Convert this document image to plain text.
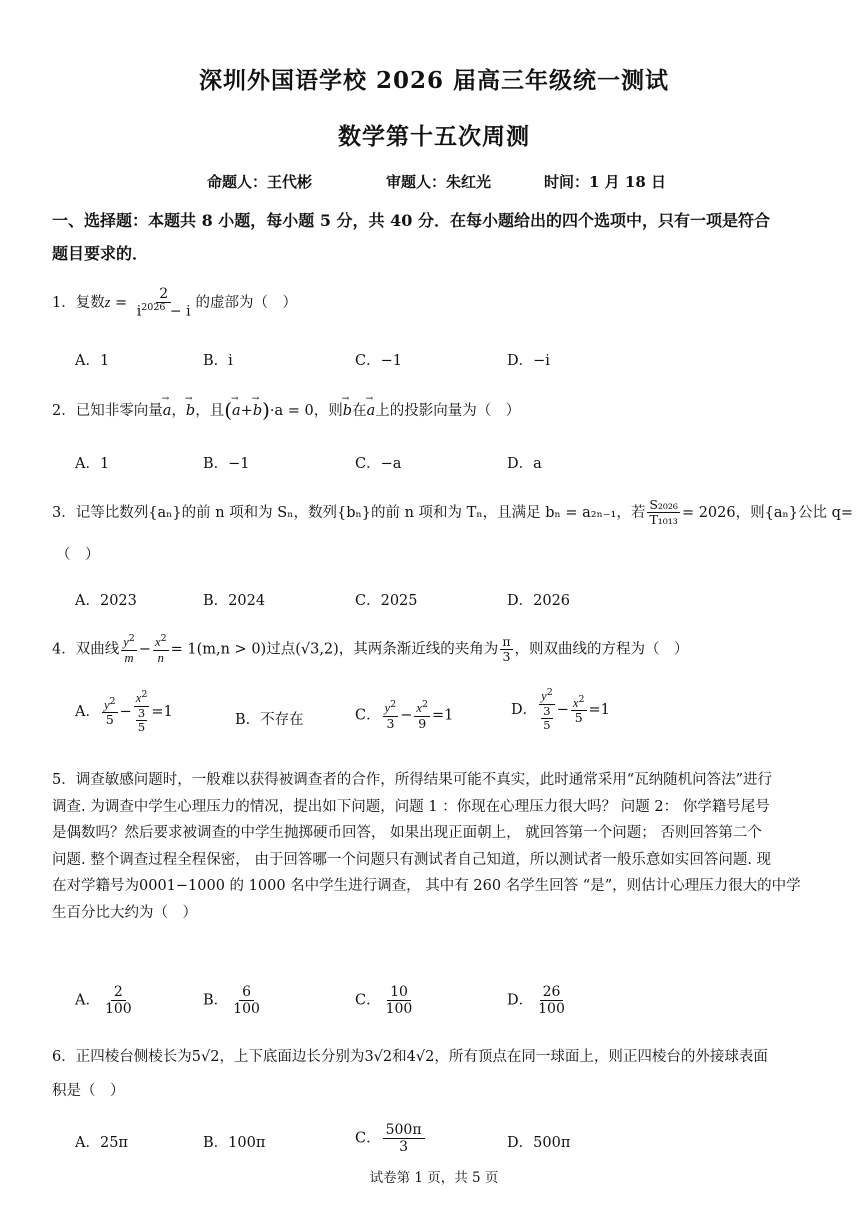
深圳外国语学校 2026 届高三年级统一测试
数学第十五次周测
命题人：王代彬	审题人：朱红光	时间：1 月 18 日
一、选择题：本题共 8 小题，每小题 5 分，共 40 分．在每小题给出的四个选项中，只有一项是符合
题目要求的．
1．复数$z = \frac{2}{i^{2026} - i}$ 的虚部为（　）
A．1	B．i	C．−1	D．−i
2．已知非零向量→ a，→ b，且(→ a+→ b)·a = 0，则→ b在→ a上的投影向量为（　）
A．1	B．−1	C．−a	D．a
3．记等比数列{aₙ}的前 n 项和为 Sₙ，数列{bₙ}的前 n 项和为 Tₙ，且满足 bₙ = a₂ₙ₋₁，若 $\frac{\text{S₂₀₂₆}}{\text{T₁₀₁₃}} = 2026$，则{aₙ}公比 q=
（　）
A．2023	B．2024	C．2025	D．2026
4．双曲线 $\frac{y^2}{m} - \frac{x^2}{n} = 1(m,n > 0)$过点(√3,2)，其两条渐近线的夹角为 $\frac{\pi}{3}$ ，则双曲线的方程为（　）
A． $\frac{y^2}{5} - \frac{x^2}{\frac{3}{5}} =1$
B．不存在	C． $\frac{y^2}{3} - \frac{x^2}{9} =1$	D． $\frac{y^2}{\frac{3}{5}} - \frac{x^2}{5} =1$
5．调查敏感问题时，一般难以获得被调查者的合作，所得结果可能不真实，此时通常采用“瓦纳随机问答法”进行
调查. 为调查中学生心理压力的情况，提出如下问题，问题 1 ：你现在心理压力很大吗？ 问题 2： 你学籍号尾号
是偶数吗？然后要求被调查的中学生抛掷硬币回答， 如果出现正面朝上， 就回答第一个问题； 否则回答第二个
问题. 整个调查过程全程保密， 由于回答哪一个问题只有测试者自己知道，所以测试者一般乐意如实回答问题. 现
在对学籍号为0001−1000 的 1000 名中学生进行调查， 其中有 260 名学生回答 “是”，则估计心理压力很大的中学
生百分比大约为（　）
A． $\frac{2}{100}$	B． $\frac{6}{100}$	C． $\frac{10}{100}$	D． $\frac{26}{100}$
6．正四棱台侧棱长为5√2，上下底面边长分别为3√2和4√2，所有顶点在同一球面上，则正四棱台的外接球表面
积是（　）
A．25π	B．100π	C． $\frac{500\pi}{3}$	D．500π
试卷第 1 页，共 5 页
